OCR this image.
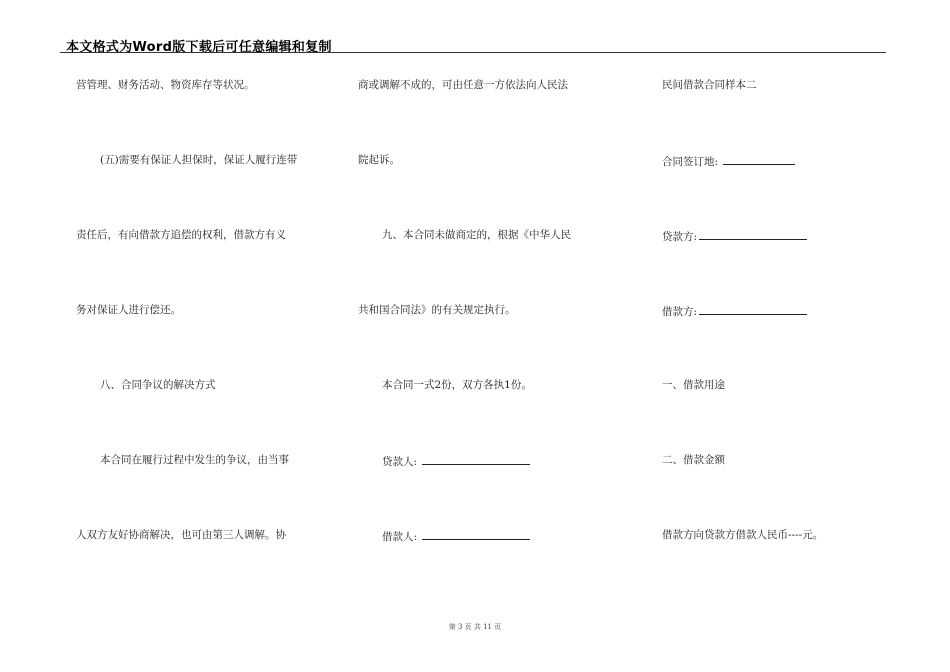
本文格式为Word版下载后可任意编辑和复制
营管理、财务活动、物资库存等状况。
(五)需要有保证人担保时，保证人履行连带
责任后，有向借款方追偿的权利，借款方有义
务对保证人进行偿还。
八、合同争议的解决方式
本合同在履行过程中发生的争议，由当事
人双方友好协商解决，也可由第三人调解。协
商或调解不成的，可由任意一方依法向人民法
院起诉。
九、本合同未做商定的，根据《中华人民
共和国合同法》的有关规定执行。
本合同一式2份，双方各执1份。
贷款人:
借款人:
民间借款合同样本二
合同签订地:
贷款方:
借款方:
一、借款用途
二、借款金额
借款方向贷款方借款人民币----元。
第 3 页 共 11 页
